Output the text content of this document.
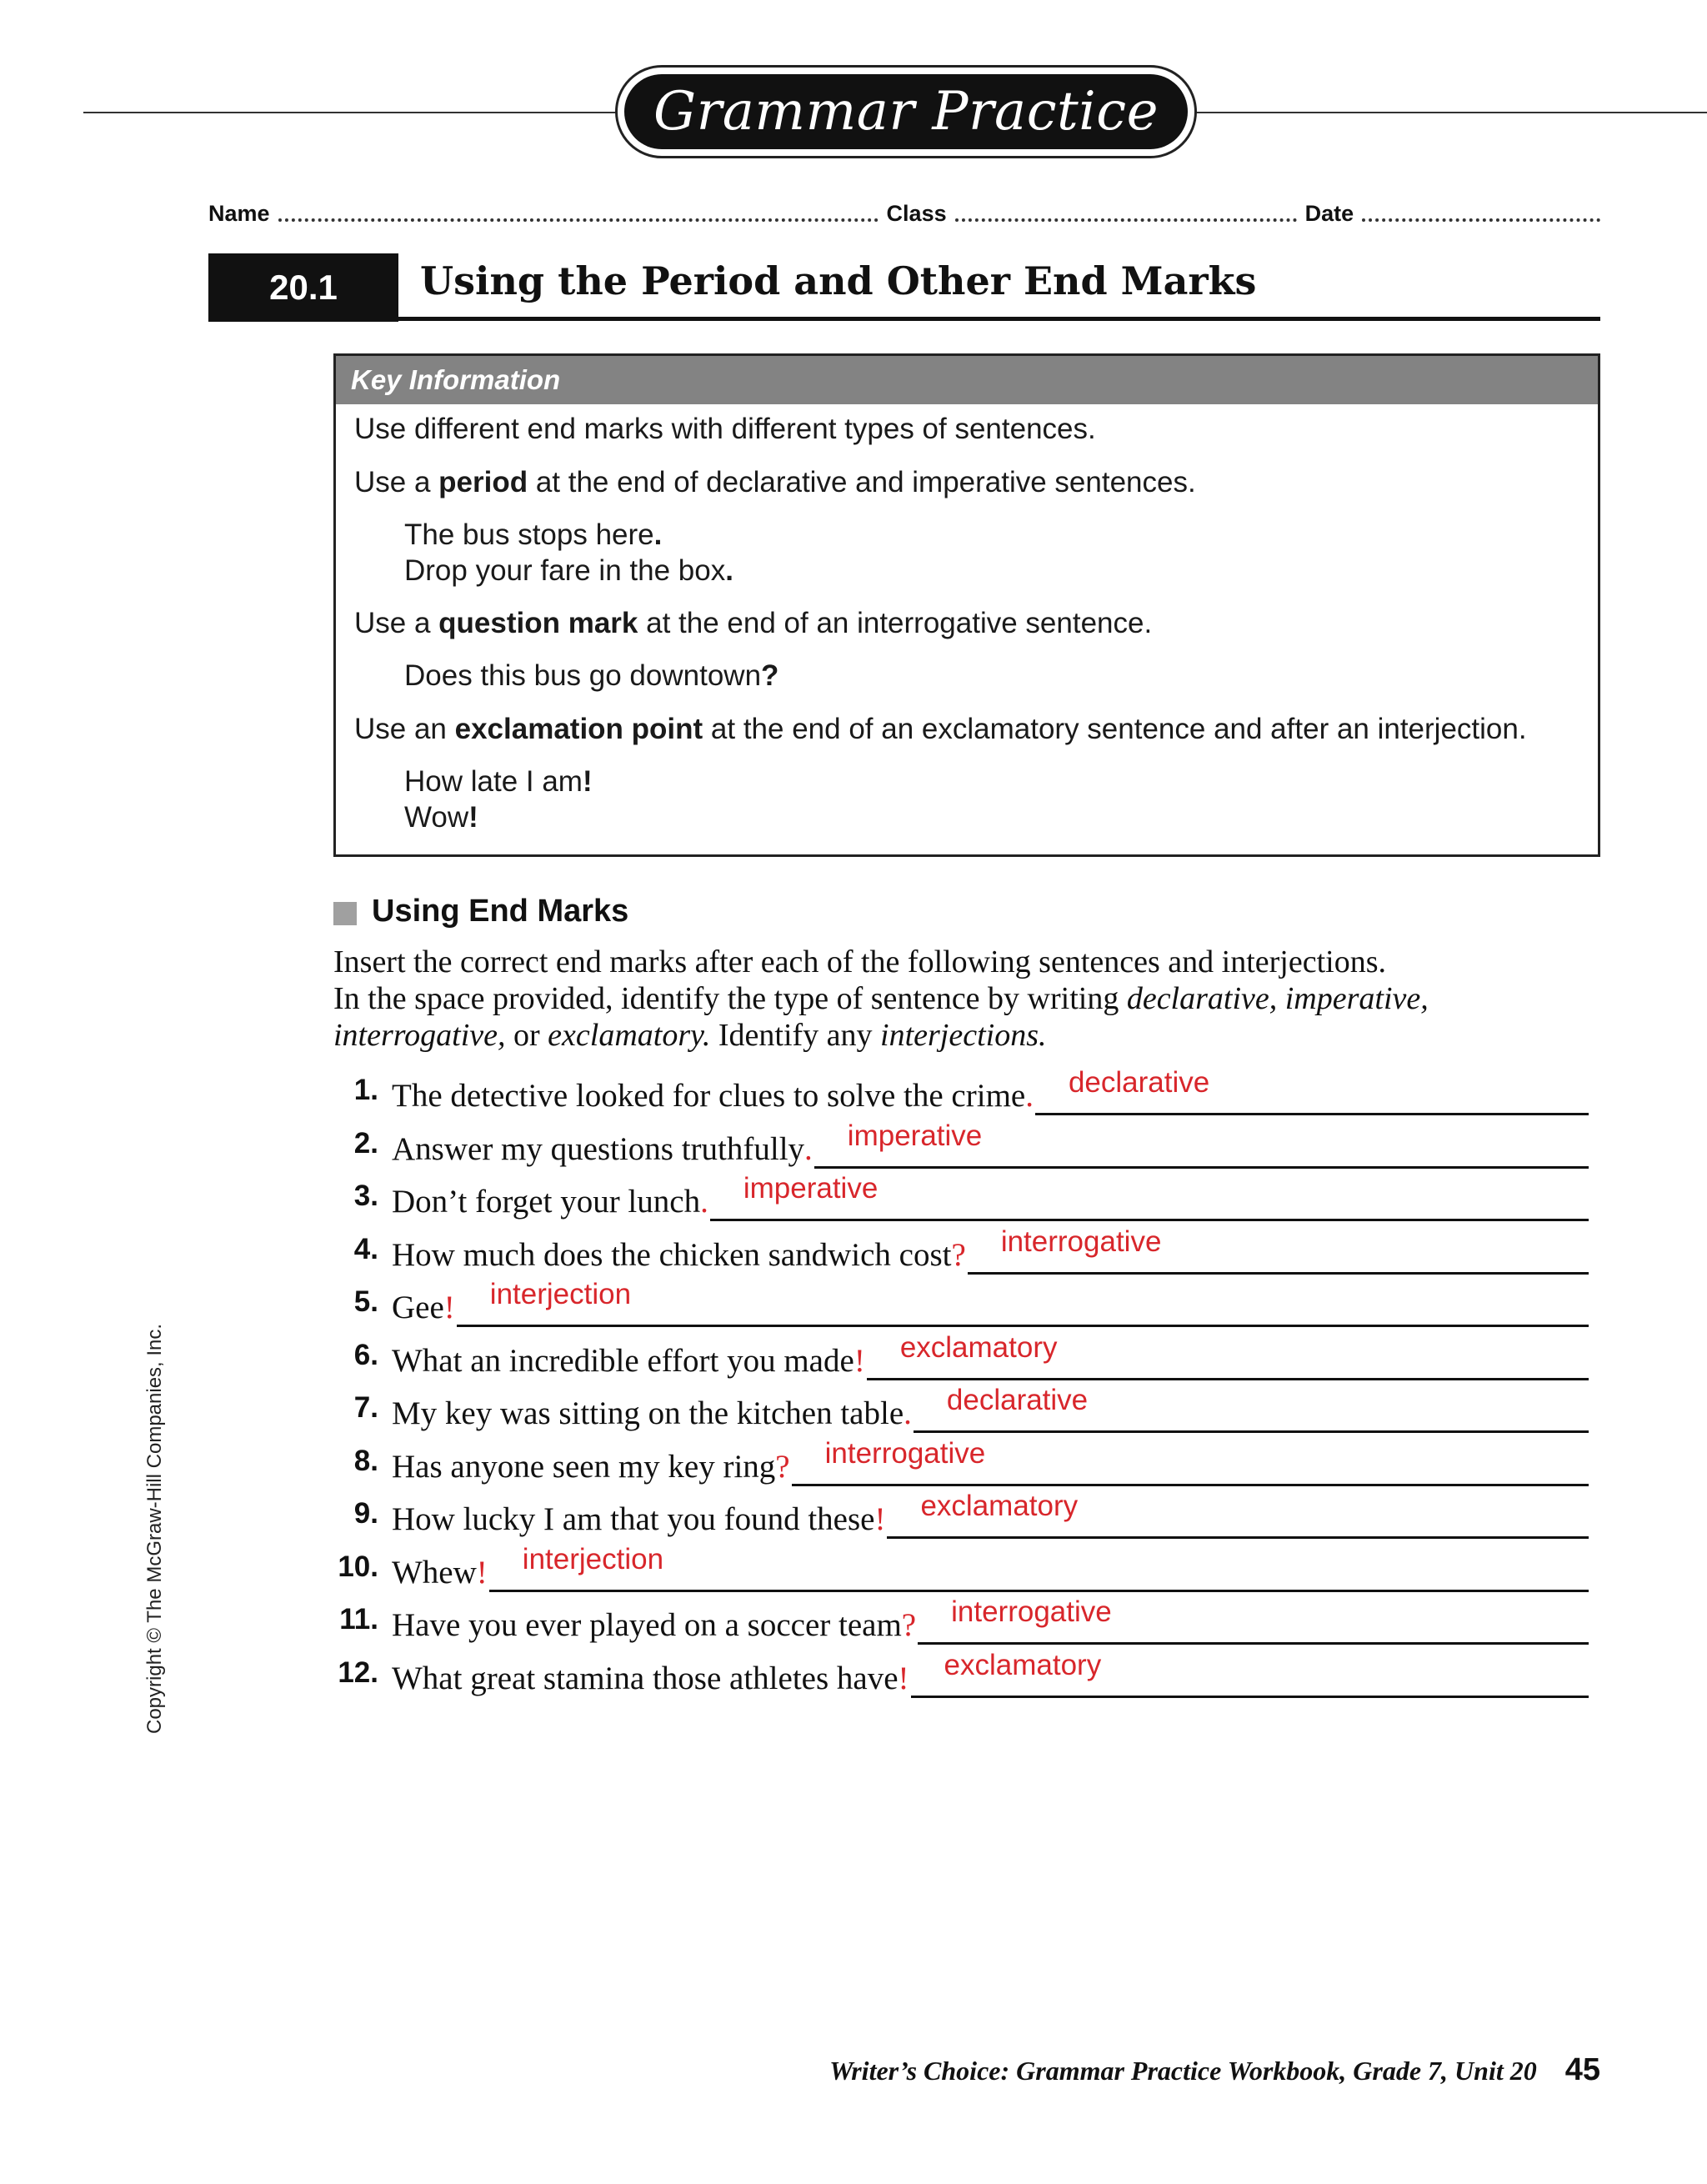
Grammar Practice
Name	Class	Date
20.1	Using the Period and Other End Marks
Key Information
Use different end marks with different types of sentences.
Use a period at the end of declarative and imperative sentences.
The bus stops here.
Drop your fare in the box.
Use a question mark at the end of an interrogative sentence.
Does this bus go downtown?
Use an exclamation point at the end of an exclamatory sentence and after an interjection.
How late I am!
Wow!
Using End Marks
Insert the correct end marks after each of the following sentences and interjections.
In the space provided, identify the type of sentence by writing declarative, imperative,
interrogative, or exclamatory. Identify any interjections.
1. The detective looked for clues to solve the crime . declarative
2. Answer my questions truthfully . imperative
3. Don’t forget your lunch . imperative
4. How much does the chicken sandwich cost ? interrogative
5. Gee ! interjection
6. What an incredible effort you made ! exclamatory
7. My key was sitting on the kitchen table . declarative
8. Has anyone seen my key ring ? interrogative
9. How lucky I am that you found these ! exclamatory
10. Whew ! interjection
11. Have you ever played on a soccer team ? interrogative
12. What great stamina those athletes have ! exclamatory
Copyright © The McGraw-Hill Companies, Inc.
Writer’s Choice: Grammar Practice Workbook, Grade 7, Unit 20 45
